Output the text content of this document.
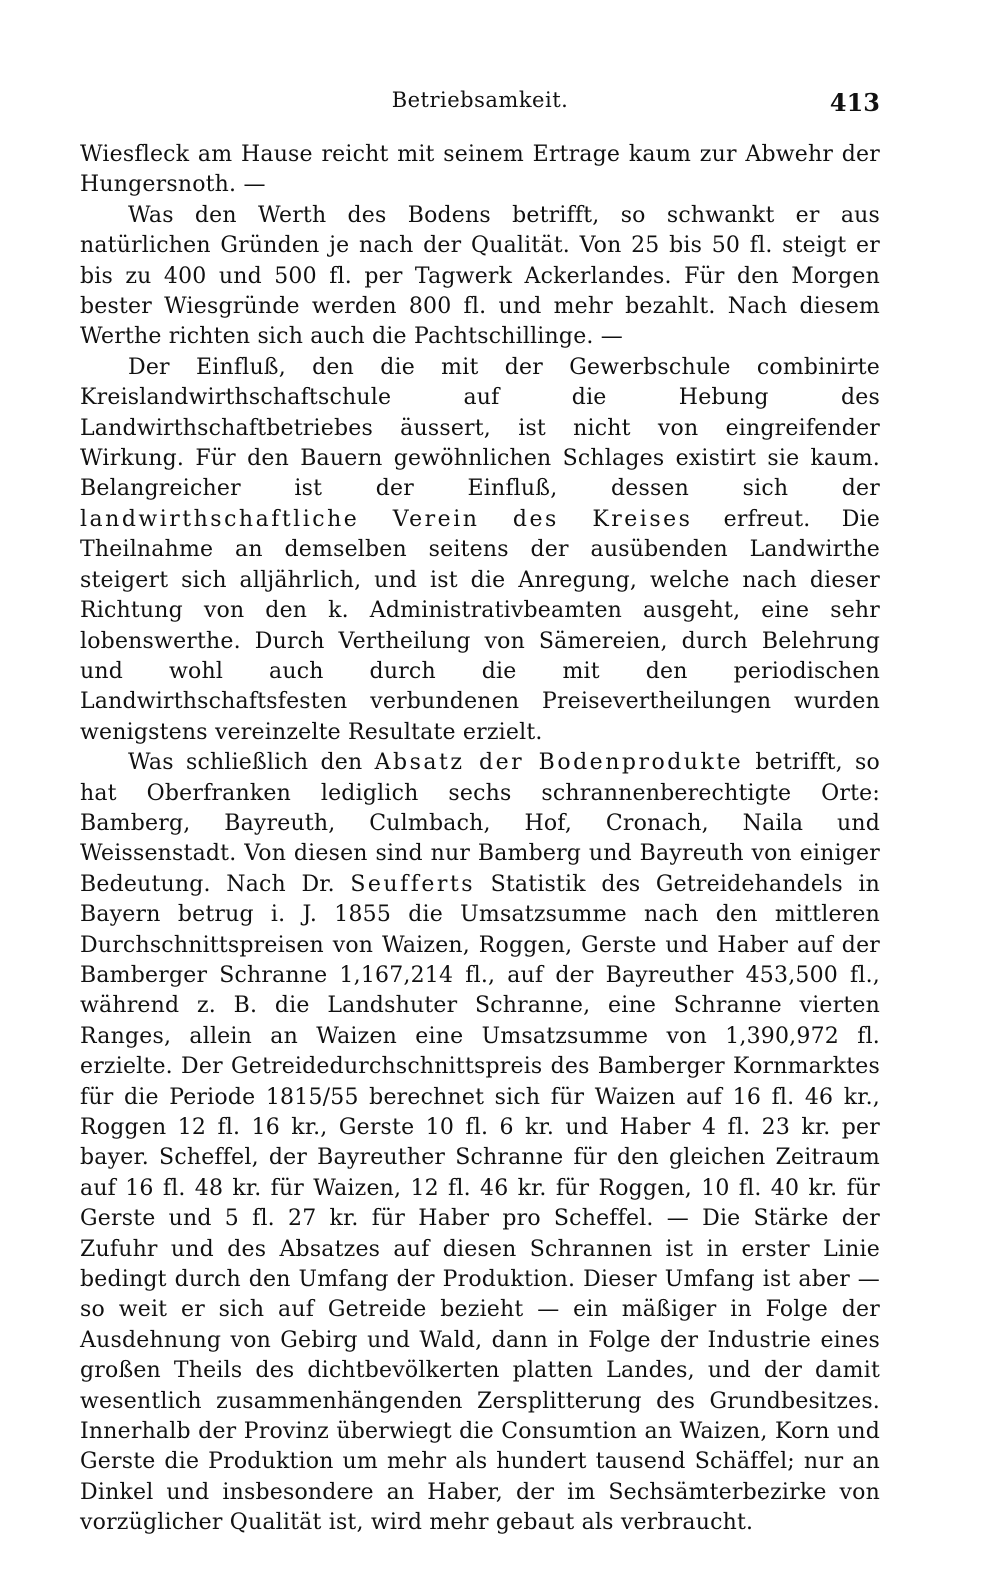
Betriebsamkeit.	413

Wiesfleck am Hause reicht mit seinem Ertrage kaum zur Abwehr der Hungersnoth. —

Was den Werth des Bodens betrifft, so schwankt er aus natürlichen Gründen je nach der Qualität. Von 25 bis 50 fl. steigt er bis zu 400 und 500 fl. per Tagwerk Ackerlandes. Für den Morgen bester Wiesgründe werden 800 fl. und mehr bezahlt. Nach diesem Werthe richten sich auch die Pachtschillinge. —

Der Einfluß, den die mit der Gewerbschule combinirte Kreislandwirthschaftschule auf die Hebung des Landwirthschaftbetriebes äussert, ist nicht von eingreifender Wirkung. Für den Bauern gewöhnlichen Schlages existirt sie kaum. Belangreicher ist der Einfluß, dessen sich der landwirthschaftliche Verein des Kreises erfreut. Die Theilnahme an demselben seitens der ausübenden Landwirthe steigert sich alljährlich, und ist die Anregung, welche nach dieser Richtung von den k. Administrativbeamten ausgeht, eine sehr lobenswerthe. Durch Vertheilung von Sämereien, durch Belehrung und wohl auch durch die mit den periodischen Landwirthschaftsfesten verbundenen Preisevertheilungen wurden wenigstens vereinzelte Resultate erzielt.

Was schließlich den Absatz der Bodenprodukte betrifft, so hat Oberfranken lediglich sechs schrannenberechtigte Orte: Bamberg, Bayreuth, Culmbach, Hof, Cronach, Naila und Weissenstadt. Von diesen sind nur Bamberg und Bayreuth von einiger Bedeutung. Nach Dr. Seufferts Statistik des Getreidehandels in Bayern betrug i. J. 1855 die Umsatzsumme nach den mittleren Durchschnittspreisen von Waizen, Roggen, Gerste und Haber auf der Bamberger Schranne 1,167,214 fl., auf der Bayreuther 453,500 fl., während z. B. die Landshuter Schranne, eine Schranne vierten Ranges, allein an Waizen eine Umsatzsumme von 1,390,972 fl. erzielte. Der Getreidedurchschnittspreis des Bamberger Kornmarktes für die Periode 1815/55 berechnet sich für Waizen auf 16 fl. 46 kr., Roggen 12 fl. 16 kr., Gerste 10 fl. 6 kr. und Haber 4 fl. 23 kr. per bayer. Scheffel, der Bayreuther Schranne für den gleichen Zeitraum auf 16 fl. 48 kr. für Waizen, 12 fl. 46 kr. für Roggen, 10 fl. 40 kr. für Gerste und 5 fl. 27 kr. für Haber pro Scheffel. — Die Stärke der Zufuhr und des Absatzes auf diesen Schrannen ist in erster Linie bedingt durch den Umfang der Produktion. Dieser Umfang ist aber — so weit er sich auf Getreide bezieht — ein mäßiger in Folge der Ausdehnung von Gebirg und Wald, dann in Folge der Industrie eines großen Theils des dichtbevölkerten platten Landes, und der damit wesentlich zusammenhängenden Zersplitterung des Grundbesitzes. Innerhalb der Provinz überwiegt die Consumtion an Waizen, Korn und Gerste die Produktion um mehr als hundert tausend Schäffel; nur an Dinkel und insbesondere an Haber, der im Sechsämterbezirke von vorzüglicher Qualität ist, wird mehr gebaut als verbraucht.
